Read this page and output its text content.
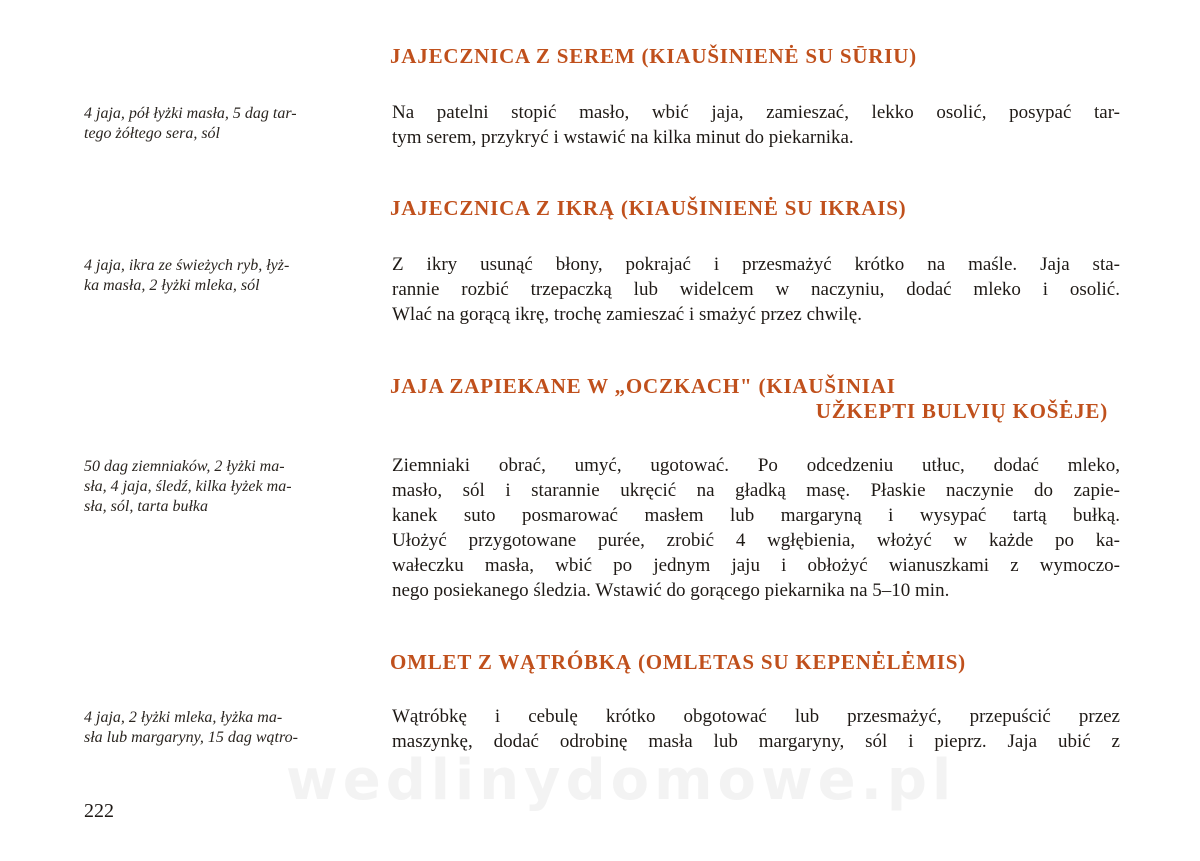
JAJECZNICA Z SEREM (KIAUŠINIENĖ SU SŪRIU)

4 jaja, pół łyżki masła, 5 dag tar-
tego żółtego sera, sól

Na patelni stopić masło, wbić jaja, zamieszać, lekko osolić, posypać tar-
tym serem, przykryć i wstawić na kilka minut do piekarnika.

JAJECZNICA Z IKRĄ (KIAUŠINIENĖ SU IKRAIS)

4 jaja, ikra ze świeżych ryb, łyż-
ka masła, 2 łyżki mleka, sól

Z ikry usunąć błony, pokrajać i przesmażyć krótko na maśle. Jaja sta-
rannie rozbić trzepaczką lub widelcem w naczyniu, dodać mleko i osolić.
Wlać na gorącą ikrę, trochę zamieszać i smażyć przez chwilę.

JAJA ZAPIEKANE W „OCZKACH" (KIAUŠINIAI
UŽKEPTI BULVIŲ KOŠĖJE)

50 dag ziemniaków, 2 łyżki ma-
sła, 4 jaja, śledź, kilka łyżek ma-
sła, sól, tarta bułka

Ziemniaki obrać, umyć, ugotować. Po odcedzeniu utłuc, dodać mleko,
masło, sól i starannie ukręcić na gładką masę. Płaskie naczynie do zapie-
kanek suto posmarować masłem lub margaryną i wysypać tartą bułką.
Ułożyć przygotowane purée, zrobić 4 wgłębienia, włożyć w każde po ka-
wałeczku masła, wbić po jednym jaju i obłożyć wianuszkami z wymoczo-
nego posiekanego śledzia. Wstawić do gorącego piekarnika na 5–10 min.

OMLET Z WĄTRÓBKĄ (OMLETAS SU KEPENĖLĖMIS)

4 jaja, 2 łyżki mleka, łyżka ma-
sła lub margaryny, 15 dag wątro-

Wątróbkę i cebulę krótko obgotować lub przesmażyć, przepuścić przez
maszynkę, dodać odrobinę masła lub margaryny, sól i pieprz. Jaja ubić z

wedlinydomowe.pl
222
